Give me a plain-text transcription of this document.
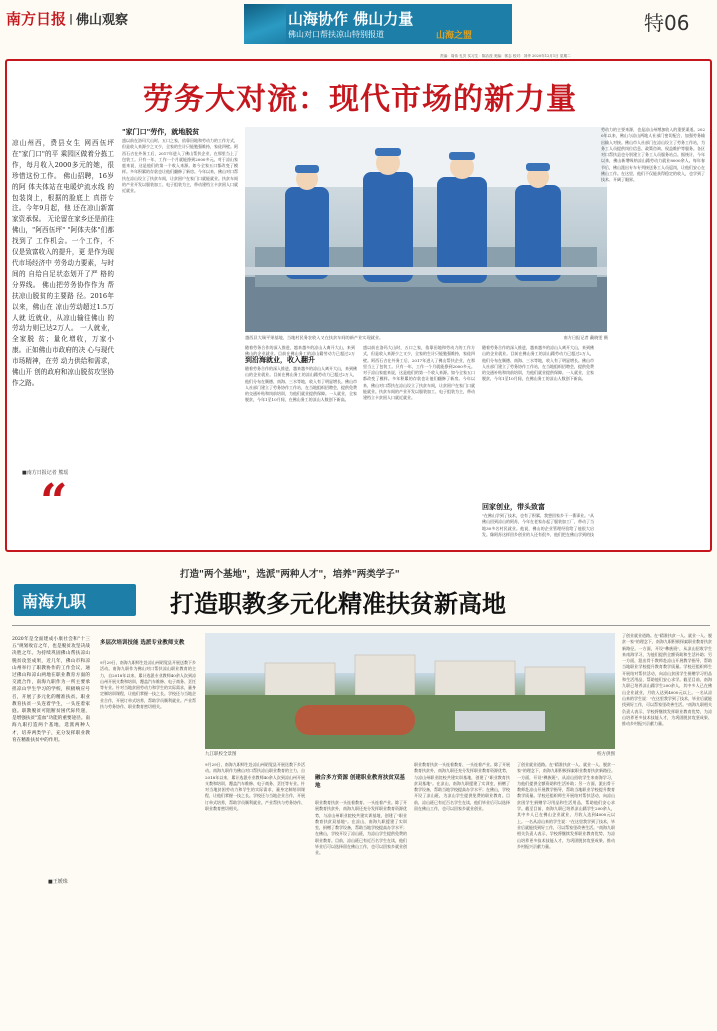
南方日报 | 佛山观察	山海协作 佛山力量
佛山对口帮扶凉山特别报道	山海之盟
特06
责编：周伟 孔贝 实习生：陈洁滢 美编：郭志 校对：刘华 2020年12月1日 星期二
劳务大对流：现代市场的新力量
凉山州西，费县女生 网西伍坪在"家门口"的平 乘园区做着分拣工作，每月收入2000多元的她，很 珍惜这份工作。 佛山招聘，16岁的阿 体夫体站在电暖炉流水线 的包装岗上，根据的脸底上 真搭专注。今年9月起，他 还在凉山新富家资承保。 无论留在家乡还是前往佛山，"阿西伍坪" "阿体夫体"们都找到了 工作机会。一个工作，不 仅是致富收入的提升，更 是作为现代市场经济中 劳务动力要素，与时间的 自给自足状态划开了严 格的分界线。 佛山把劳务协作作为 帮扶凉山脱贫的主要路 径。2016年以来，佛山在 凉山劳动超过1.5万人就 近就业，从凉山输往佛山 的劳动力则已达2万人。 一人就业，全家脱 贫；量化增收，万家小 康。正如佛山市政府的决 心与现代市场精神，在劳 动力供给和需求，佛山开 创的政府和凉山脱贫攻坚协作之路。
■南方日报记者 熊瑶
“
"家门口"劳作，就地脱贫
盛以前在洛玛大山时，五口之家，依靠田地和劳动力的工作方式，但是收入来源少之又少，全家的生计只能勉强维持，家徒四壁。阿西石吉在外务工后，2017年进入了佛山帮扶企业，在那里当上了包装工。只有一年，工作一个月就能挣到2000多元。对于凉山家庭来说，这是他们的第一个收入来源。如今全家五口都改变了模样。多年积累的存款也让他们翻修了新房。今年以来，佛山对口帮扶在凉山设立了扶贫车间，让贫困户在家门口就能就业。扶贫车间的产业开发以服装加工、电子组装为主，带动建档立卡贫困人口就近就业。
越西县大瑞平果基地，当地村民务农收入又在扶贫车间的新产业实现就业。	南方日报记者 戴晓雯 摄
随着劳务合作的深入推进，越来越多的凉山人离开大山，来到佛山的企业就业。目前在佛山务工的凉山籍劳动力已超过2万
到沿海就业，收入翻升
随着劳务合作的深入推进，越来越多的凉山人离开大山，来到佛山的企业就业。目前在佛山务工的凉山籍劳动力已超过2万人，他们分布在顺德、南海、三水等地，收入有了明显增长。佛山市人社部门建立了劳务协作工作站，在当地组织招聘会，提供免费的交通补贴和岗前培训，为他们就业提供保障。一人就业，全家脱贫，今年1至10月间，在佛山务工的凉山人数创下新高。
盛以前在洛玛大山时，五口之家，依靠田地和劳动力的工作方式，但是收入来源少之又少，全家的生计只能勉强维持，家徒四壁。阿西石吉在外务工后，2017年进入了佛山帮扶企业，在那里当上了包装工。只有一年，工作一个月就能挣到2000多元。对于凉山家庭来说，这是他们的第一个收入来源。如今全家五口都改变了模样。多年积累的存款也让他们翻修了新房。今年以来，佛山对口帮扶在凉山设立了扶贫车间，让贫困户在家门口就能就业。扶贫车间的产业开发以服装加工、电子组装为主，带动建档立卡贫困人口就近就业。
随着劳务合作的深入推进，越来越多的凉山人离开大山，来到佛山的企业就业。目前在佛山务工的凉山籍劳动力已超过2万人，他们分布在顺德、南海、三水等地，收入有了明显增长。佛山市人社部门建立了劳务协作工作站，在当地组织招聘会，提供免费的交通补贴和岗前培训，为他们就业提供保障。一人就业，全家脱贫，今年1至10月间，在佛山务工的凉山人数创下新高。
回家创业，带头致富
"在佛山学到了技术，也有了积累，我想回家乡干一番事业。"从佛山回到凉山的阿苏，今年在老家办起了服装加工厂，带动了当地30多名村民就业。他说，佛山的企业管理经验给了他很大启发。像阿苏这样回乡创业的人还有很多，他们把在佛山学到的技
劳动力的主要来源，也是凉山州增加收入的重要渠道。2020年以来，佛山与凉山两地人社部门密切配合，加强劳务输出输入对接。佛山市人社部门在凉山设立了劳务工作站，为务工人员提供岗位信息、政策咨询、权益维护等服务。各区对口帮扶县也分别建立了务工人员服务站点。据统计，今年以来，佛山新增吸纳凉山籍劳动力就业8000余人。每年春节后，佛山派出专车专列接送务工人员返岗，让他们安心在佛山工作。在这里，他们不仅能获得稳定的收入，也学到了技术、开阔了眼界。
打造"两个基地"，选派"两种人才"，培养"两类学子"
南海九职	打造职教多元化精准扶贫新高地
2020年是全面建成小康社会和"十三五"规划收官之年，也是脱贫攻坚决战决胜之年。为持续巩固佛山帮扶凉山脱贫攻坚成果，近几年，佛山市和凉山州举行了职教协作的工作会议，通过佛山和凉山两地在职业教育方面的交流合作，南海九职作为一所主要承担凉山学生学习的学校，积极响应号召，开展了多元化的精准扶贫。职业教育扶贫一头连着学生，一头连着家庭。职教脱贫可阻断贫困代际传递，是增强扶贫"造血"功能的重要途径。南海九职打造两个基地，选派两种人才，培养两类学子，充分发挥职业教育在精准扶贫中的作用。
■王媛珠
多层次培训技能 选派专业教师支教
9月29日，南海九职师生赴凉山州昭觉县开展送教下乡活动。南海九职作为佛山对口帮扶凉山职业教育的主力，自2018年以来，累计选派专业教师40余人次到凉山州开展支教和培训，覆盖汽车维修、电子商务、烹饪等专业。针对当地贫困劳动力和学生的实际需求，量身定制培训课程，让他们掌握一技之长。学校还与当地企业合作，开展订单式培养，帮助学员顺利就业。产业帮扶与劳务协作、职业教育密切相关。
九江职校全景图	校方供图
9月29日，南海九职师生赴凉山州昭觉县开展送教下乡活动。南海九职作为佛山对口帮扶凉山职业教育的主力，自2018年以来，累计选派专业教师40余人次到凉山州开展支教和培训，覆盖汽车维修、电子商务、烹饪等专业。针对当地贫困劳动力和学生的实际需求，量身定制培训课程，让他们掌握一技之长。学校还与当地企业合作，开展订单式培养，帮助学员顺利就业。产业帮扶与劳务协作、职业教育密切相关。
融合多方资源 创建职业教育扶贫双基地
职业教育扶贫一头连着教育、一头连着产业。除了开展教育扶贫外，南海九职还充分发挥职业教育资源优势，与凉山州职业院校共建实训基地，创建了"职业教育扶贫双基地"。在凉山，南海九职援建了实训室，捐赠了教学设备，帮助当地学校提高办学水平；在佛山，学校开设了凉山班，为凉山学生提供免费的职业教育。目前，凉山班已有近百名学生在读，他们毕业后可以选择留在佛山工作，也可以回家乡就业创业。
职业教育扶贫一头连着教育、一头连着产业。除了开展教育扶贫外，南海九职还充分发挥职业教育资源优势，与凉山州职业院校共建实训基地，创建了"职业教育扶贫双基地"。在凉山，南海九职援建了实训室，捐赠了教学设备，帮助当地学校提高办学水平；在佛山，学校开设了凉山班，为凉山学生提供免费的职业教育。目前，凉山班已有近百名学生在读，他们毕业后可以选择留在佛山工作，也可以回家乡就业创业。
了创业就业道路。在"精准扶贫一人、就业一人、脱贫一家"的理念下，南海九职积极探索职业教育扶贫新路径。一方面，开设"彝族班"，从凉山招收学生来南海学习，为他们提供全额资助和生活补助；另一方面，派出骨干教师赴凉山开展教学指导，帮助当地职业学校提升教育教学质量。学校还组织师生开展结对帮扶活动，向凉山贫困学生捐赠学习用品和生活用品，帮助他们安心求学。截至目前，南海九职已培养凉山籍学生200余人，其中多人已在佛山企业就业，月收入达到4000元以上。一名从凉山来的学生说："在这里我学到了技术，毕业后就能找到好工作，可以帮家里改善生活。"南海九职相关负责人表示，学校将继续发挥职业教育优势，为凉山培养更多技术技能人才，为巩固脱贫攻坚成果、推动乡村振兴贡献力量。
了创业就业道路。在"精准扶贫一人、就业一人、脱贫一家"的理念下，南海九职积极探索职业教育扶贫新路径。一方面，开设"彝族班"，从凉山招收学生来南海学习，为他们提供全额资助和生活补助；另一方面，派出骨干教师赴凉山开展教学指导，帮助当地职业学校提升教育教学质量。学校还组织师生开展结对帮扶活动，向凉山贫困学生捐赠学习用品和生活用品，帮助他们安心求学。截至目前，南海九职已培养凉山籍学生200余人，其中多人已在佛山企业就业，月收入达到4000元以上。一名从凉山来的学生说："在这里我学到了技术，毕业后就能找到好工作，可以帮家里改善生活。"南海九职相关负责人表示，学校将继续发挥职业教育优势，为凉山培养更多技术技能人才，为巩固脱贫攻坚成果、推动乡村振兴贡献力量。
